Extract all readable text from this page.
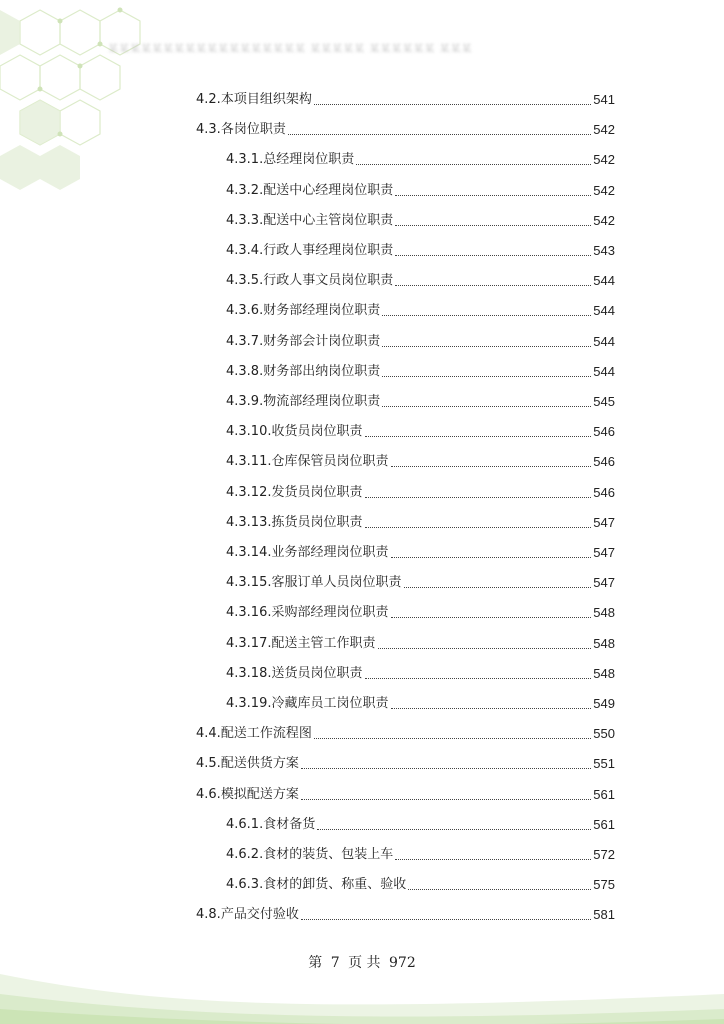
某某某某某某某某某某某某某某某某某某 某某某某某 某某某某某某 某某某
4.2. 本项目组织架构	541
4.3. 各岗位职责	542
4.3.1. 总经理岗位职责	542
4.3.2. 配送中心经理岗位职责	542
4.3.3. 配送中心主管岗位职责	542
4.3.4. 行政人事经理岗位职责	543
4.3.5. 行政人事文员岗位职责	544
4.3.6. 财务部经理岗位职责	544
4.3.7. 财务部会计岗位职责	544
4.3.8. 财务部出纳岗位职责	544
4.3.9. 物流部经理岗位职责	545
4.3.10. 收货员岗位职责	546
4.3.11. 仓库保管员岗位职责	546
4.3.12. 发货员岗位职责	546
4.3.13. 拣货员岗位职责	547
4.3.14. 业务部经理岗位职责	547
4.3.15. 客服订单人员岗位职责	547
4.3.16. 采购部经理岗位职责	548
4.3.17. 配送主管工作职责	548
4.3.18. 送货员岗位职责	548
4.3.19. 冷藏库员工岗位职责	549
4.4. 配送工作流程图	550
4.5. 配送供货方案	551
4.6. 模拟配送方案	561
4.6.1. 食材备货	561
4.6.2. 食材的装货、包装上车	572
4.6.3. 食材的卸货、称重、验收	575
4.8. 产品交付验收	581
第 7 页 共 972
